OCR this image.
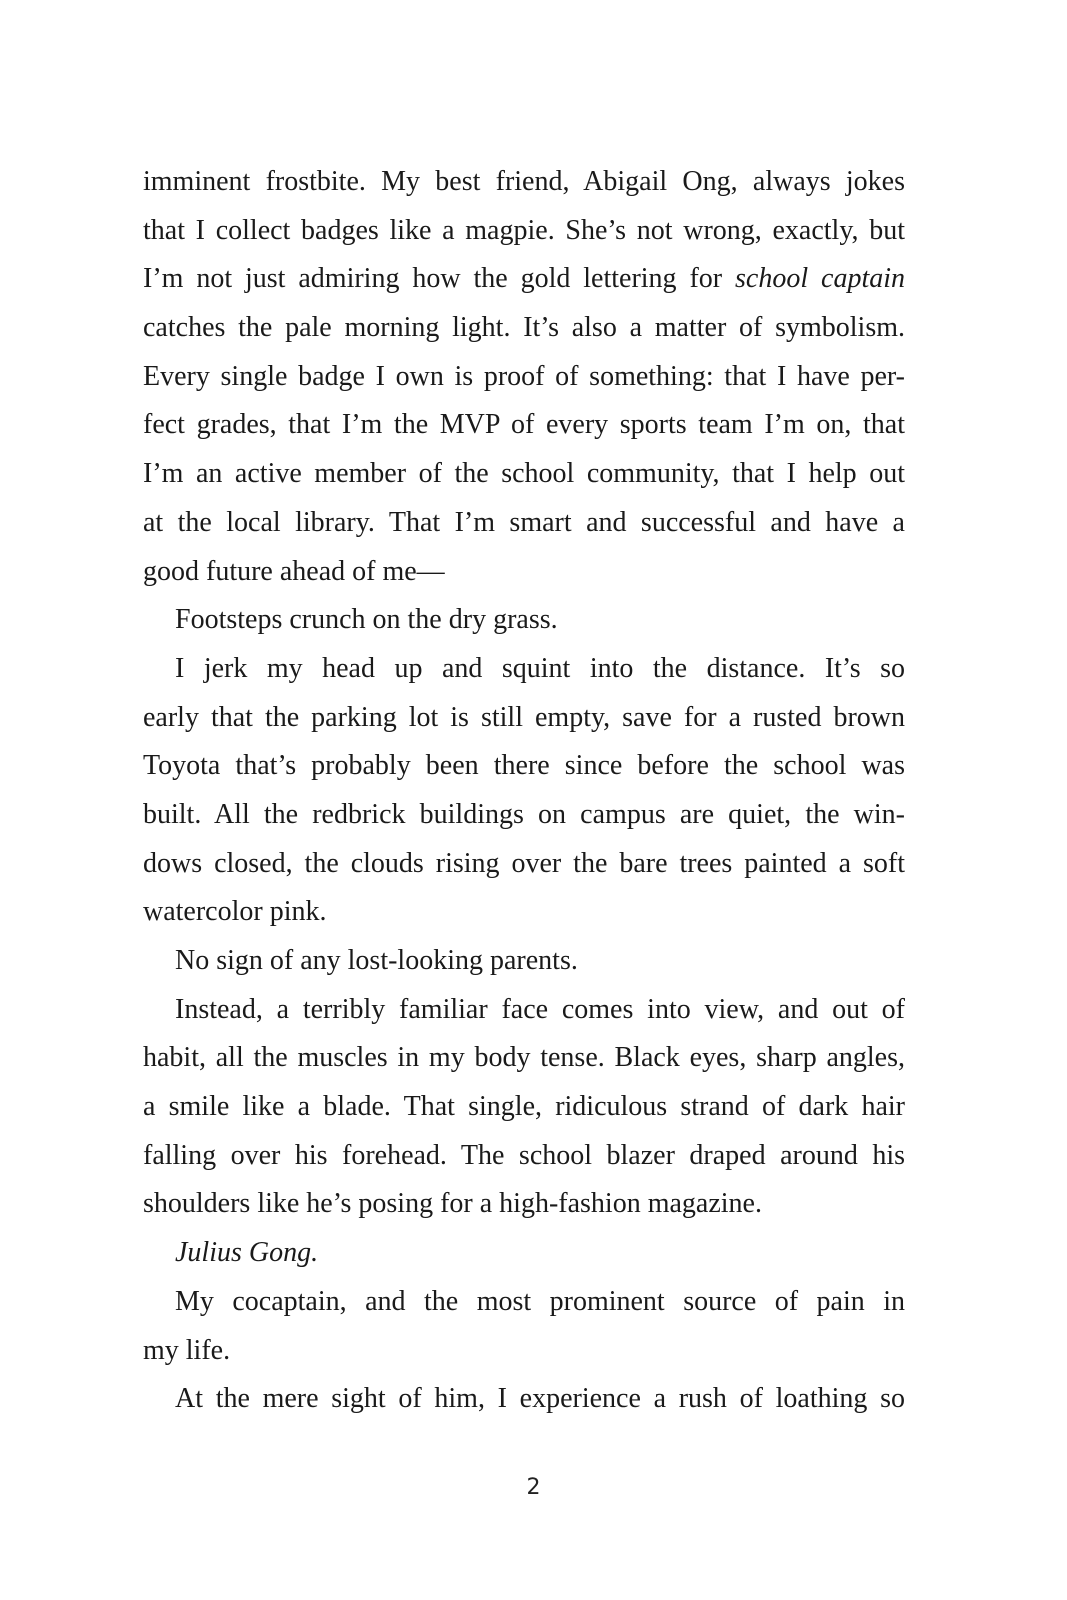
imminent frostbite. My best friend, Abigail Ong, always jokes
that I collect badges like a magpie. She’s not wrong, exactly, but
I’m not just admiring how the gold lettering for school captain
catches the pale morning light. It’s also a matter of symbolism.
Every single badge I own is proof of something: that I have per-
fect grades, that I’m the MVP of every sports team I’m on, that
I’m an active member of the school community, that I help out
at the local library. That I’m smart and successful and have a
good future ahead of me—
Footsteps crunch on the dry grass.
I jerk my head up and squint into the distance. It’s so
early that the parking lot is still empty, save for a rusted brown
Toyota that’s probably been there since before the school was
built. All the redbrick buildings on campus are quiet, the win-
dows closed, the clouds rising over the bare trees painted a soft
watercolor pink.
No sign of any lost-looking parents.
Instead, a terribly familiar face comes into view, and out of
habit, all the muscles in my body tense. Black eyes, sharp angles,
a smile like a blade. That single, ridiculous strand of dark hair
falling over his forehead. The school blazer draped around his
shoulders like he’s posing for a high-fashion magazine.
Julius Gong.
My cocaptain, and the most prominent source of pain in
my life.
At the mere sight of him, I experience a rush of loathing so
2
